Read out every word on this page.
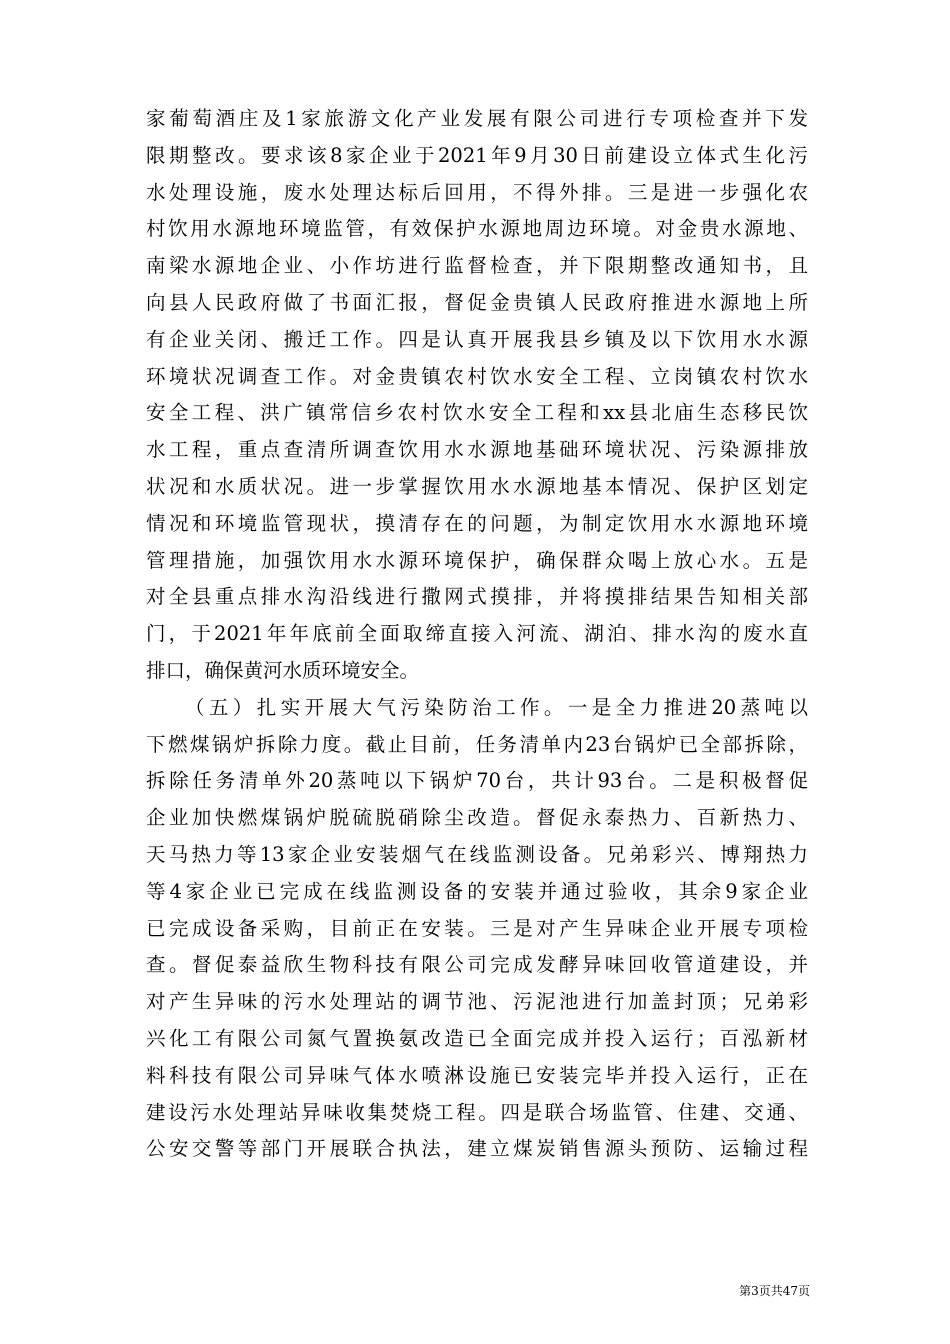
家葡萄酒庄及1家旅游文化产业发展有限公司进行专项检查并下发
限期整改。要求该8家企业于2021年9月30日前建设立体式生化污
水处理设施，废水处理达标后回用，不得外排。三是进一步强化农
村饮用水源地环境监管，有效保护水源地周边环境。对金贵水源地、
南梁水源地企业、小作坊进行监督检查，并下限期整改通知书，且
向县人民政府做了书面汇报，督促金贵镇人民政府推进水源地上所
有企业关闭、搬迁工作。四是认真开展我县乡镇及以下饮用水水源
环境状况调查工作。对金贵镇农村饮水安全工程、立岗镇农村饮水
安全工程、洪广镇常信乡农村饮水安全工程和xx县北庙生态移民饮
水工程，重点查清所调查饮用水水源地基础环境状况、污染源排放
状况和水质状况。进一步掌握饮用水水源地基本情况、保护区划定
情况和环境监管现状，摸清存在的问题，为制定饮用水水源地环境
管理措施，加强饮用水水源环境保护，确保群众喝上放心水。五是
对全县重点排水沟沿线进行撒网式摸排，并将摸排结果告知相关部
门，于2021年年底前全面取缔直接入河流、湖泊、排水沟的废水直
排口，确保黄河水质环境安全。
（五）扎实开展大气污染防治工作。一是全力推进20蒸吨以
下燃煤锅炉拆除力度。截止目前，任务清单内23台锅炉已全部拆除，
拆除任务清单外20蒸吨以下锅炉70台，共计93台。二是积极督促
企业加快燃煤锅炉脱硫脱硝除尘改造。督促永泰热力、百新热力、
天马热力等13家企业安装烟气在线监测设备。兄弟彩兴、博翔热力
等4家企业已完成在线监测设备的安装并通过验收，其余9家企业
已完成设备采购，目前正在安装。三是对产生异味企业开展专项检
查。督促泰益欣生物科技有限公司完成发酵异味回收管道建设，并
对产生异味的污水处理站的调节池、污泥池进行加盖封顶；兄弟彩
兴化工有限公司氮气置换氨改造已全面完成并投入运行；百泓新材
料科技有限公司异味气体水喷淋设施已安装完毕并投入运行，正在
建设污水处理站异味收集焚烧工程。四是联合场监管、住建、交通、
公安交警等部门开展联合执法，建立煤炭销售源头预防、运输过程
第3页共47页
